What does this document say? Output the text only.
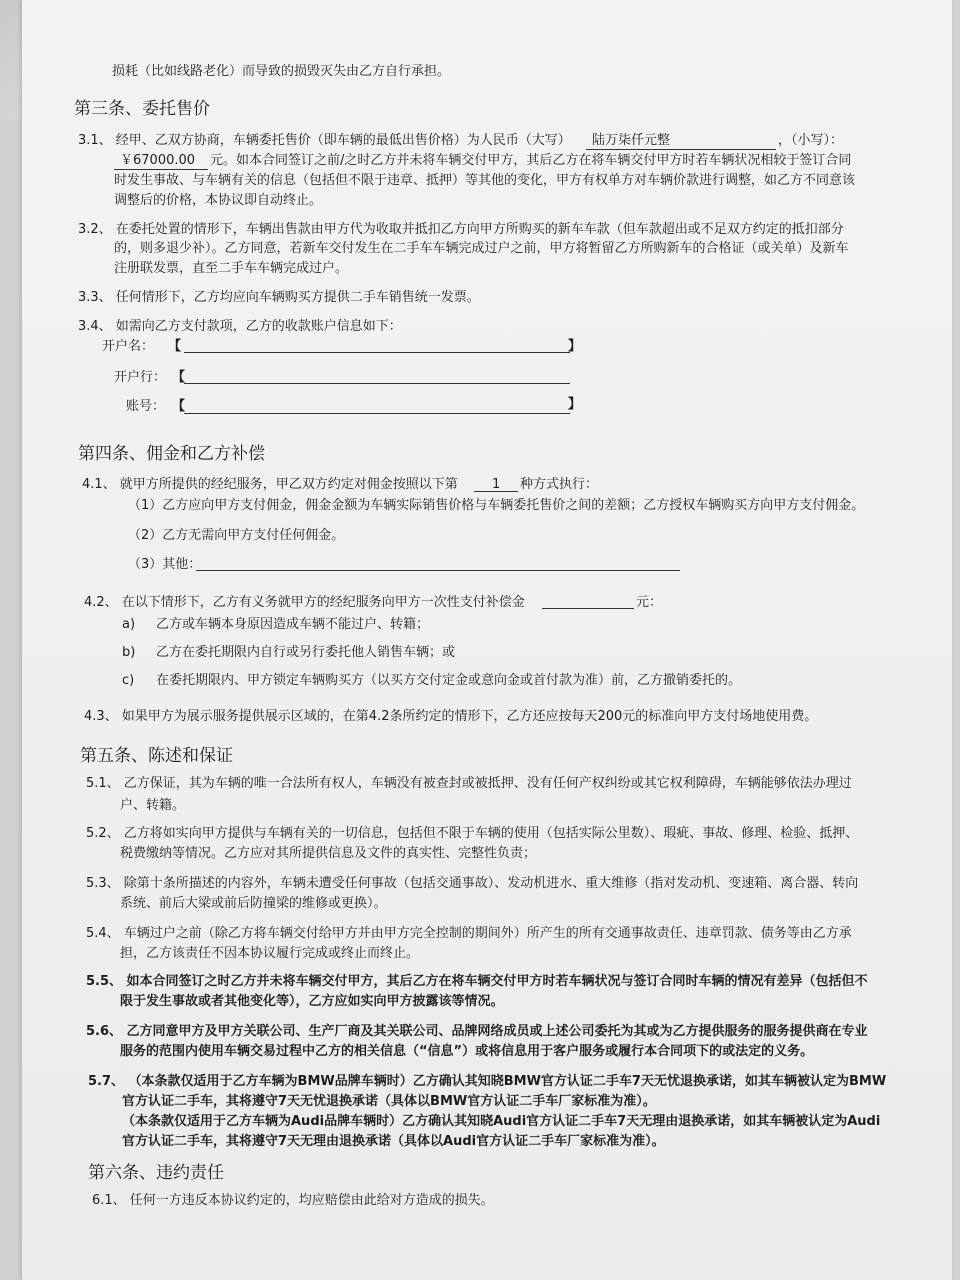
损耗（比如线路老化）而导致的损毁灭失由乙方自行承担。
第三条、委托售价
3.1、 经甲、乙双方协商，车辆委托售价（即车辆的最低出售价格）为人民币（大写） 陆万柒仟元整	，（小写）：
￥67000.00 元。如本合同签订之前/之时乙方并未将车辆交付甲方，其后乙方在将车辆交付甲方时若车辆状况相较于签订合同
时发生事故、与车辆有关的信息（包括但不限于违章、抵押）等其他的变化，甲方有权单方对车辆价款进行调整，如乙方不同意该
调整后的价格，本协议即自动终止。
3.2、 在委托处置的情形下，车辆出售款由甲方代为收取并抵扣乙方向甲方所购买的新车车款（但车款超出或不足双方约定的抵扣部分
的，则多退少补）。乙方同意，若新车交付发生在二手车车辆完成过户之前，甲方将暂留乙方所购新车的合格证（或关单）及新车
注册联发票，直至二手车车辆完成过户。
3.3、 任何情形下，乙方均应向车辆购买方提供二手车销售统一发票。
3.4、 如需向乙方支付款项，乙方的收款账户信息如下：
开户名： 【	】
开户行： 【
账号： 【	】
第四条、佣金和乙方补偿
4.1、 就甲方所提供的经纪服务，甲乙双方约定对佣金按照以下第	1 种方式执行：
（1）乙方应向甲方支付佣金，佣金金额为车辆实际销售价格与车辆委托售价之间的差额；乙方授权车辆购买方向甲方支付佣金。
（2）乙方无需向甲方支付任何佣金。
（3）其他：
4.2、 在以下情形下，乙方有义务就甲方的经纪服务向甲方一次性支付补偿金	元：
a) 乙方或车辆本身原因造成车辆不能过户、转籍；
b) 乙方在委托期限内自行或另行委托他人销售车辆；或
c) 在委托期限内、甲方锁定车辆购买方（以买方交付定金或意向金或首付款为准）前，乙方撤销委托的。
4.3、 如果甲方为展示服务提供展示区域的，在第4.2条所约定的情形下，乙方还应按每天200元的标准向甲方支付场地使用费。
第五条、陈述和保证
5.1、 乙方保证，其为车辆的唯一合法所有权人，车辆没有被查封或被抵押、没有任何产权纠纷或其它权利障碍，车辆能够依法办理过
户、转籍。
5.2、 乙方将如实向甲方提供与车辆有关的一切信息，包括但不限于车辆的使用（包括实际公里数）、瑕疵、事故、修理、检验、抵押、
税费缴纳等情况。乙方应对其所提供信息及文件的真实性、完整性负责；
5.3、 除第十条所描述的内容外，车辆未遭受任何事故（包括交通事故）、发动机进水、重大维修（指对发动机、变速箱、离合器、转向
系统、前后大梁或前后防撞梁的维修或更换）。
5.4、 车辆过户之前（除乙方将车辆交付给甲方并由甲方完全控制的期间外）所产生的所有交通事故责任、违章罚款、债务等由乙方承
担，乙方该责任不因本协议履行完成或终止而终止。
5.5、 如本合同签订之时乙方并未将车辆交付甲方，其后乙方在将车辆交付甲方时若车辆状况与签订合同时车辆的情况有差异（包括但不
限于发生事故或者其他变化等），乙方应如实向甲方披露该等情况。
5.6、 乙方同意甲方及甲方关联公司、生产厂商及其关联公司、品牌网络成员或上述公司委托为其或为乙方提供服务的服务提供商在专业
服务的范围内使用车辆交易过程中乙方的相关信息（“信息”）或将信息用于客户服务或履行本合同项下的或法定的义务。
5.7、 （本条款仅适用于乙方车辆为BMW品牌车辆时）乙方确认其知晓BMW官方认证二手车7天无忧退换承诺，如其车辆被认定为BMW
官方认证二手车，其将遵守7天无忧退换承诺（具体以BMW官方认证二手车厂家标准为准）。
（本条款仅适用于乙方车辆为Audi品牌车辆时）乙方确认其知晓Audi官方认证二手车7天无理由退换承诺，如其车辆被认定为Audi
官方认证二手车，其将遵守7天无理由退换承诺（具体以Audi官方认证二手车厂家标准为准）。
第六条、违约责任
6.1、 任何一方违反本协议约定的，均应赔偿由此给对方造成的损失。
